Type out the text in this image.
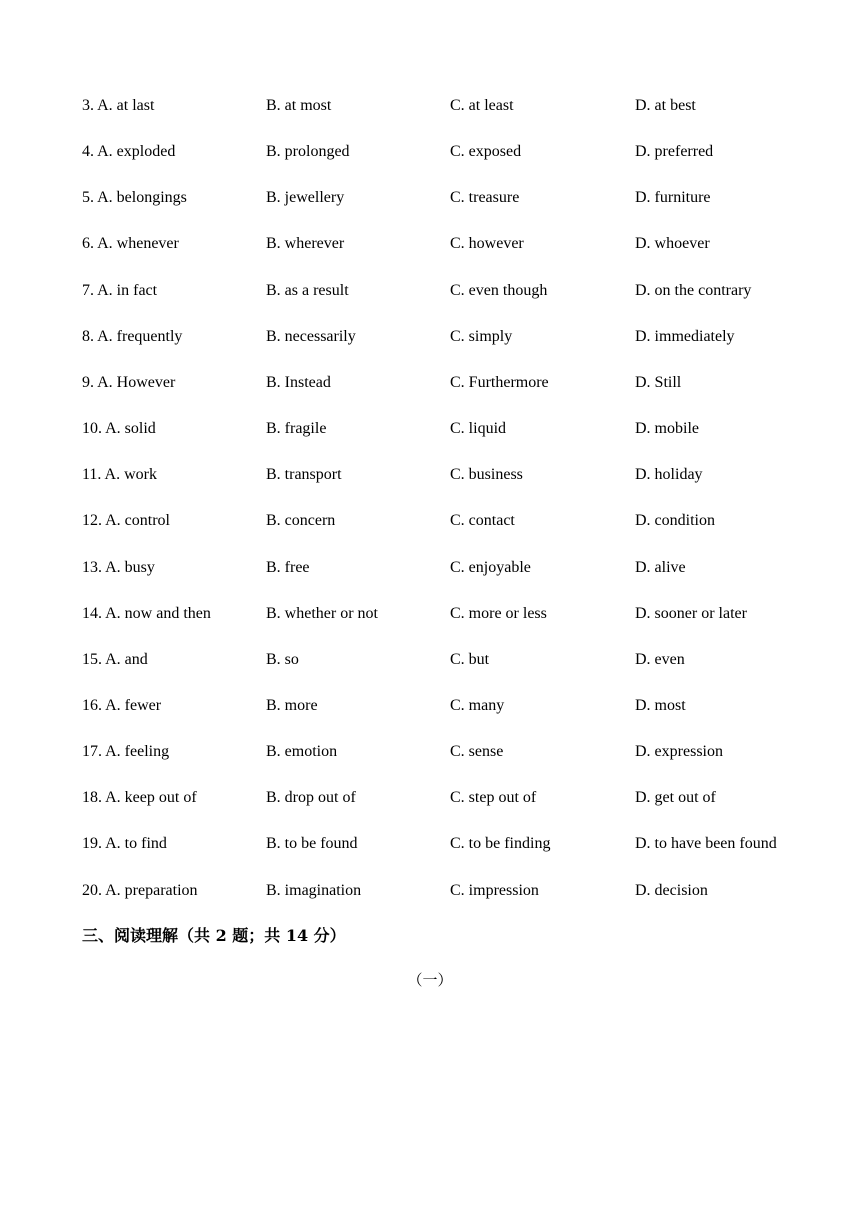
3. A. at last	B. at most	C. at least	D. at best
4. A. exploded	B. prolonged	C. exposed	D. preferred
5. A. belongings	B. jewellery	C. treasure	D. furniture
6. A. whenever	B. wherever	C. however	D. whoever
7. A. in fact	B. as a result	C. even though	D. on the contrary
8. A. frequently	B. necessarily	C. simply	D. immediately
9. A. However	B. Instead	C. Furthermore	D. Still
10. A. solid	B. fragile	C. liquid	D. mobile
11. A. work	B. transport	C. business	D. holiday
12. A. control	B. concern	C. contact	D. condition
13. A. busy	B. free	C. enjoyable	D. alive
14. A. now and then	B. whether or not	C. more or less	D. sooner or later
15. A. and	B. so	C. but	D. even
16. A. fewer	B. more	C. many	D. most
17. A. feeling	B. emotion	C. sense	D. expression
18. A. keep out of	B. drop out of	C. step out of	D. get out of
19. A. to find	B. to be found	C. to be finding	D. to have been found
20. A. preparation	B. imagination	C. impression	D. decision
三、阅读理解（共 2 题；共 14 分）
（一）
